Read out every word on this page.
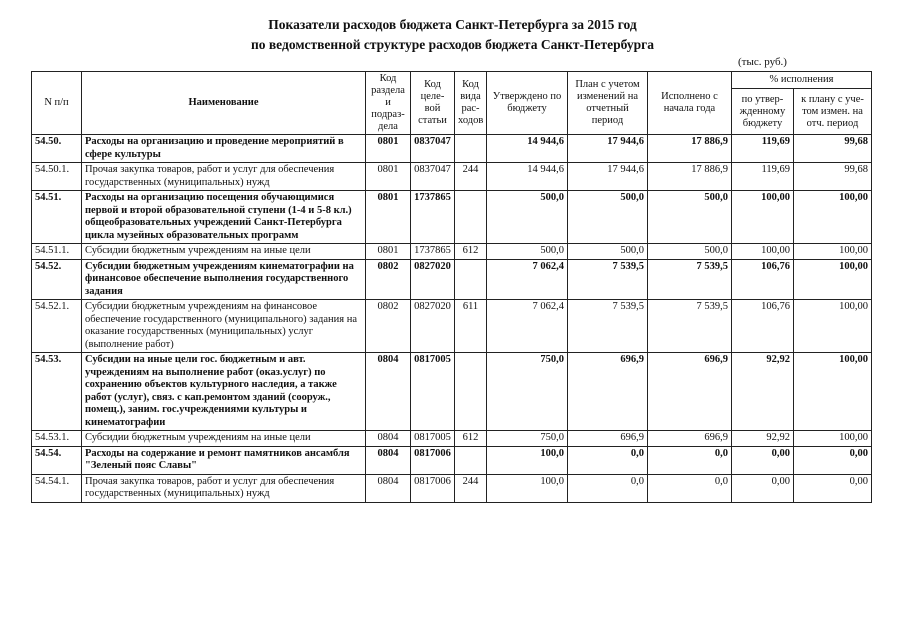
Показатели расходов бюджета Санкт-Петербурга за 2015 год
по ведомственной структуре расходов бюджета Санкт-Петербурга
(тыс. руб.)
N п/п	Наименование	Код раздела и подраз-дела	Код целе-вой статьи	Код вида рас-ходов	Утверждено по бюджету	План с учетом изменений на отчетный период	Исполнено с начала года	% исполнения	
								по утвер-жденному бюджету	к плану с уче-том измен. на отч. период
54.50.	Расходы на организацию и проведение мероприятий в сфере культуры	0801	0837047		14 944,6	17 944,6	17 886,9	119,69	99,68
54.50.1.	Прочая закупка товаров, работ и услуг для обеспечения государственных (муниципальных) нужд	0801	0837047	244	14 944,6	17 944,6	17 886,9	119,69	99,68
54.51.	Расходы на организацию посещения обучающимися первой и второй образовательной ступени (1-4 и 5-8 кл.) общеобразовательных учреждений Санкт-Петербурга цикла музейных образовательных программ	0801	1737865		500,0	500,0	500,0	100,00	100,00
54.51.1.	Субсидии бюджетным учреждениям на иные цели	0801	1737865	612	500,0	500,0	500,0	100,00	100,00
54.52.	Субсидии бюджетным учреждениям кинематографии на финансовое обеспечение выполнения государственного задания	0802	0827020		7 062,4	7 539,5	7 539,5	106,76	100,00
54.52.1.	Субсидии бюджетным учреждениям на финансовое обеспечение государственного (муниципального) задания на оказание государственных (муниципальных) услуг (выполнение работ)	0802	0827020	611	7 062,4	7 539,5	7 539,5	106,76	100,00
54.53.	Субсидии на иные цели гос. бюджетным и авт. учреждениям на выполнение работ (оказ.услуг) по сохранению объектов культурного наследия, а также работ (услуг), связ. с кап.ремонтом зданий (сооруж., помещ.), заним. гос.учреждениями культуры и кинематографии	0804	0817005		750,0	696,9	696,9	92,92	100,00
54.53.1.	Субсидии бюджетным учреждениям на иные цели	0804	0817005	612	750,0	696,9	696,9	92,92	100,00
54.54.	Расходы на содержание и ремонт памятников ансамбля "Зеленый пояс Славы"	0804	0817006		100,0	0,0	0,0	0,00	0,00
54.54.1.	Прочая закупка товаров, работ и услуг для обеспечения государственных (муниципальных) нужд	0804	0817006	244	100,0	0,0	0,0	0,00	0,00
